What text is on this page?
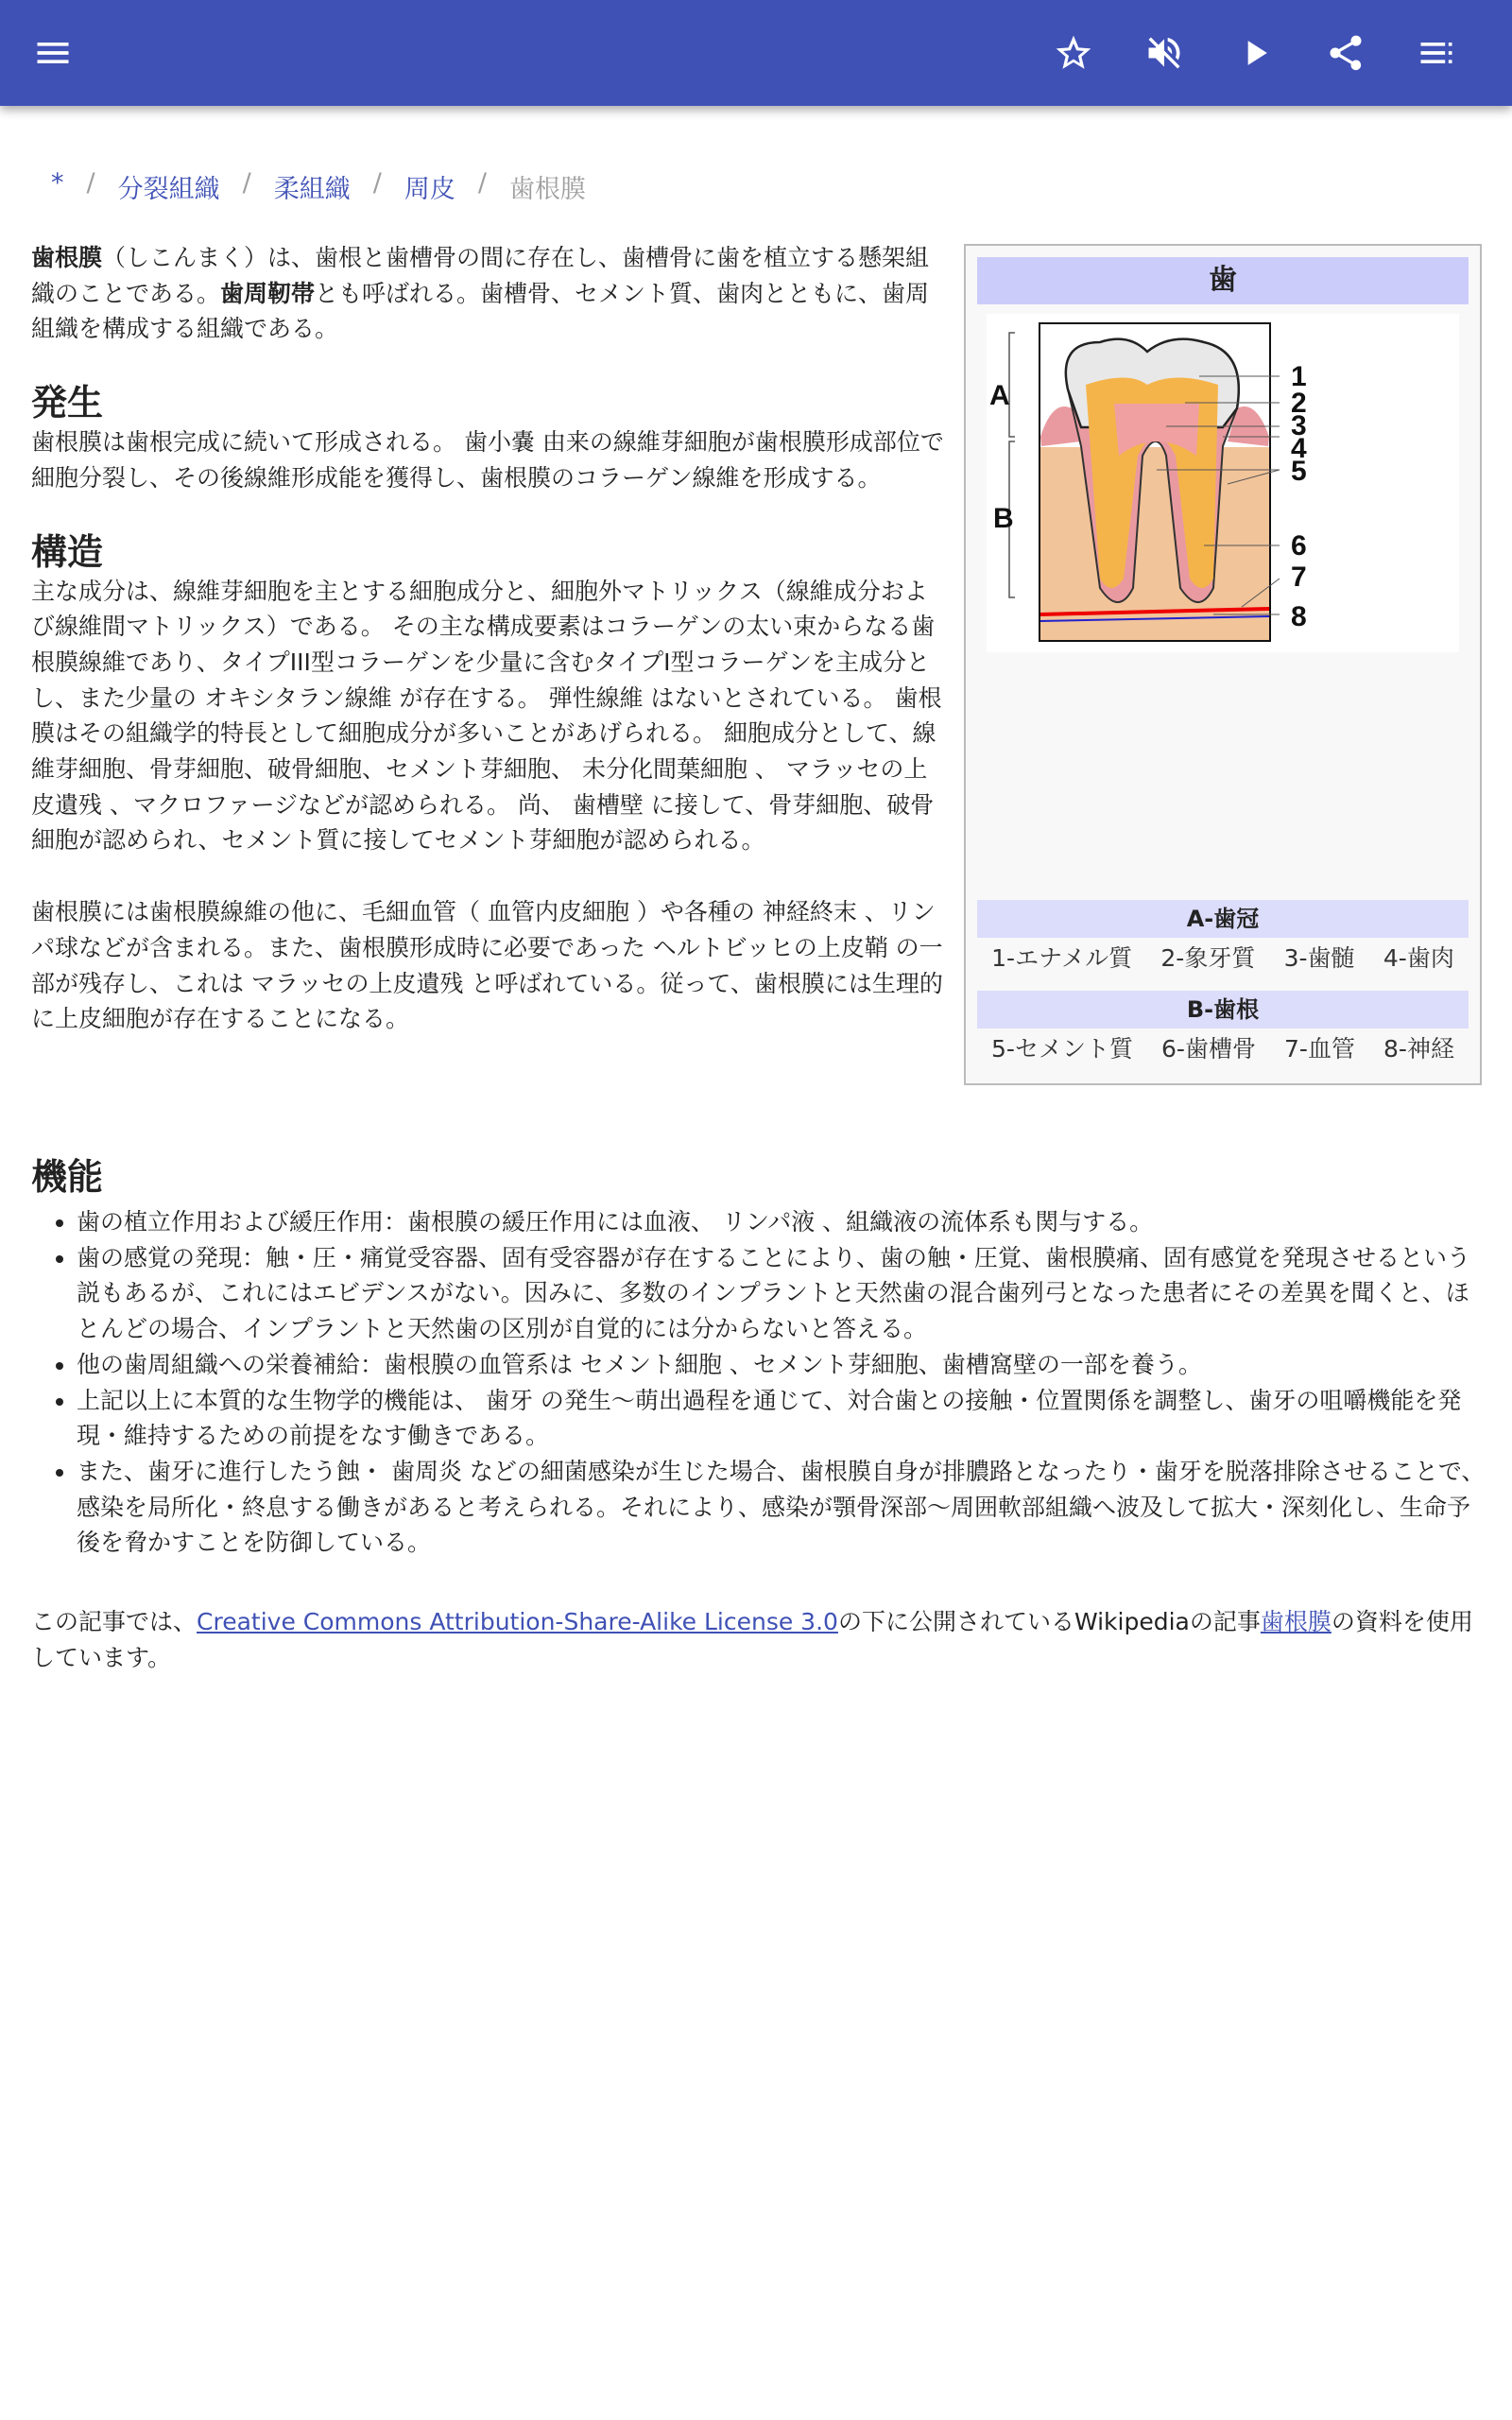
* / 分裂組織 / 柔組織 / 周皮 / 歯根膜

歯根膜（しこんまく）は、歯根と歯槽骨の間に存在し、歯槽骨に歯を植立する懸架組織のことである。歯周靭帯とも呼ばれる。歯槽骨、セメント質、歯肉とともに、歯周組織を構成する組織である。

発生

歯根膜は歯根完成に続いて形成される。 歯小嚢 由来の線維芽細胞が歯根膜形成部位で細胞分裂し、その後線維形成能を獲得し、歯根膜のコラーゲン線維を形成する。

構造

主な成分は、線維芽細胞を主とする細胞成分と、細胞外マトリックス（線維成分および線維間マトリックス）である。 その主な構成要素はコラーゲンの太い束からなる歯根膜線維であり、タイプIII型コラーゲンを少量に含むタイプI型コラーゲンを主成分とし、また少量の オキシタラン線維 が存在する。 弾性線維 はないとされている。 歯根膜はその組織学的特長として細胞成分が多いことがあげられる。 細胞成分として、線維芽細胞、骨芽細胞、破骨細胞、セメント芽細胞、 未分化間葉細胞 、 マラッセの上皮遺残 、マクロファージなどが認められる。 尚、 歯槽壁 に接して、骨芽細胞、破骨細胞が認められ、セメント質に接してセメント芽細胞が認められる。

歯根膜には歯根膜線維の他に、毛細血管（ 血管内皮細胞 ）や各種の 神経終末 、リンパ球などが含まれる。また、歯根膜形成時に必要であった ヘルトビッヒの上皮鞘 の一部が残存し、これは マラッセの上皮遺残 と呼ばれている。従って、歯根膜には生理的に上皮細胞が存在することになる。

機能
• 歯の植立作用および緩圧作用：歯根膜の緩圧作用には血液、 リンパ液 、組織液の流体系も関与する。
• 歯の感覚の発現：触・圧・痛覚受容器、固有受容器が存在することにより、歯の触・圧覚、歯根膜痛、固有感覚を発現させるという説もあるが、これにはエビデンスがない。因みに、多数のインプラントと天然歯の混合歯列弓となった患者にその差異を聞くと、ほとんどの場合、インプラントと天然歯の区別が自覚的には分からないと答える。
• 他の歯周組織への栄養補給：歯根膜の血管系は セメント細胞 、セメント芽細胞、歯槽窩壁の一部を養う。
• 上記以上に本質的な生物学的機能は、 歯牙 の発生〜萌出過程を通じて、対合歯との接触・位置関係を調整し、歯牙の咀嚼機能を発現・維持するための前提をなす働きである。
• また、歯牙に進行したう蝕・ 歯周炎 などの細菌感染が生じた場合、歯根膜自身が排膿路となったり・歯牙を脱落排除させることで、感染を局所化・終息する働きがあると考えられる。それにより、感染が顎骨深部〜周囲軟部組織へ波及して拡大・深刻化し、生命予後を脅かすことを防御している。

この記事では、Creative Commons Attribution-Share-Alike License 3.0の下に公開されているWikipediaの記事歯根膜の資料を使用しています。

歯
A
B
1
2
3
4
5
6
7
8
A-歯冠
1-エナメル質 2-象牙質 3-歯髄 4-歯肉
B-歯根
5-セメント質 6-歯槽骨 7-血管 8-神経
